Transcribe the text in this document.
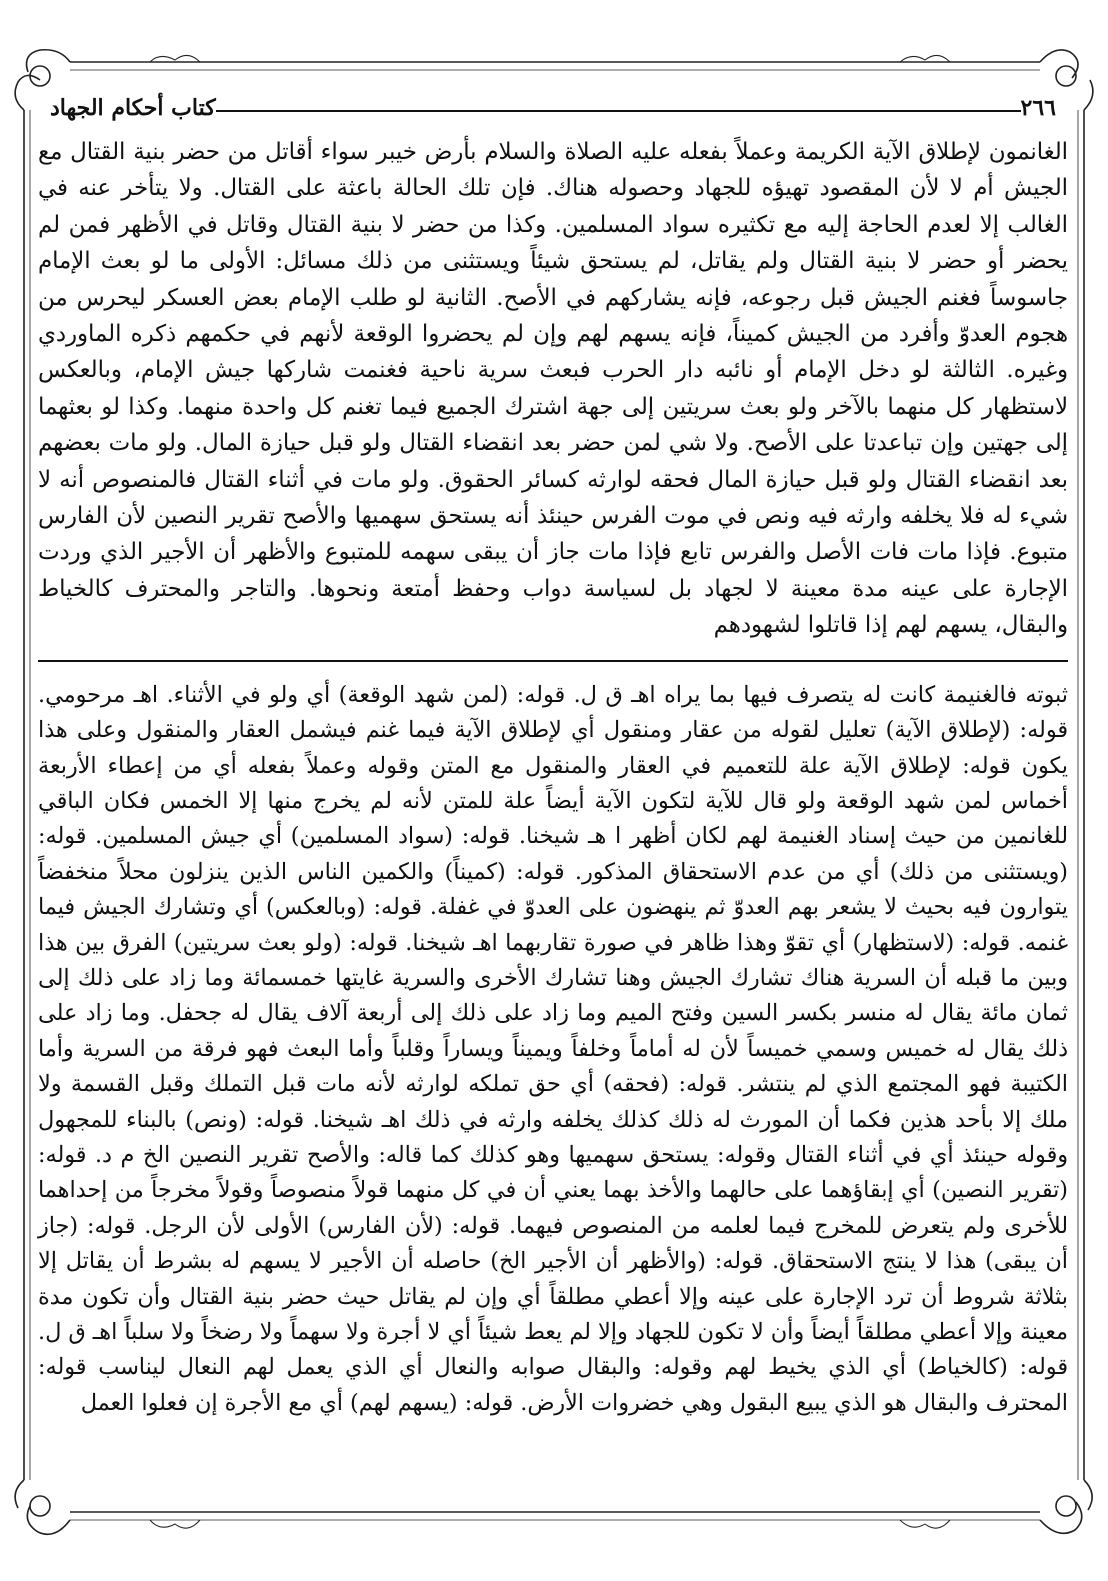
٢٦٦
كتاب أحكام الجهاد

الغانمون لإطلاق الآية الكريمة وعملاً بفعله عليه الصلاة والسلام بأرض خيبر سواء أقاتل من حضر بنية القتال مع الجيش أم لا لأن المقصود تهيؤه للجهاد وحصوله هناك. فإن تلك الحالة باعثة على القتال. ولا يتأخر عنه في الغالب إلا لعدم الحاجة إليه مع تكثيره سواد المسلمين. وكذا من حضر لا بنية القتال وقاتل في الأظهر فمن لم يحضر أو حضر لا بنية القتال ولم يقاتل، لم يستحق شيئاً ويستثنى من ذلك مسائل: الأولى ما لو بعث الإمام جاسوساً فغنم الجيش قبل رجوعه، فإنه يشاركهم في الأصح. الثانية لو طلب الإمام بعض العسكر ليحرس من هجوم العدوّ وأفرد من الجيش كميناً، فإنه يسهم لهم وإن لم يحضروا الوقعة لأنهم في حكمهم ذكره الماوردي وغيره. الثالثة لو دخل الإمام أو نائبه دار الحرب فبعث سرية ناحية فغنمت شاركها جيش الإمام، وبالعكس لاستظهار كل منهما بالآخر ولو بعث سريتين إلى جهة اشترك الجميع فيما تغنم كل واحدة منهما. وكذا لو بعثهما إلى جهتين وإن تباعدتا على الأصح. ولا شي لمن حضر بعد انقضاء القتال ولو قبل حيازة المال. ولو مات بعضهم بعد انقضاء القتال ولو قبل حيازة المال فحقه لوارثه كسائر الحقوق. ولو مات في أثناء القتال فالمنصوص أنه لا شيء له فلا يخلفه وارثه فيه ونص في موت الفرس حينئذ أنه يستحق سهميها والأصح تقرير النصين لأن الفارس متبوع. فإذا مات فات الأصل والفرس تابع فإذا مات جاز أن يبقى سهمه للمتبوع والأظهر أن الأجير الذي وردت الإجارة على عينه مدة معينة لا لجهاد بل لسياسة دواب وحفظ أمتعة ونحوها. والتاجر والمحترف كالخياط والبقال، يسهم لهم إذا قاتلوا لشهودهم

ثبوته فالغنيمة كانت له يتصرف فيها بما يراه اهـ ق ل. قوله: (لمن شهد الوقعة) أي ولو في الأثناء. اهـ مرحومي. قوله: (لإطلاق الآية) تعليل لقوله من عقار ومنقول أي لإطلاق الآية فيما غنم فيشمل العقار والمنقول وعلى هذا يكون قوله: لإطلاق الآية علة للتعميم في العقار والمنقول مع المتن وقوله وعملاً بفعله أي من إعطاء الأربعة أخماس لمن شهد الوقعة ولو قال للآية لتكون الآية أيضاً علة للمتن لأنه لم يخرج منها إلا الخمس فكان الباقي للغانمين من حيث إسناد الغنيمة لهم لكان أظهر ا هـ شيخنا. قوله: (سواد المسلمين) أي جيش المسلمين. قوله: (ويستثنى من ذلك) أي من عدم الاستحقاق المذكور. قوله: (كميناً) والكمين الناس الذين ينزلون محلاً منخفضاً يتوارون فيه بحيث لا يشعر بهم العدوّ ثم ينهضون على العدوّ في غفلة. قوله: (وبالعكس) أي وتشارك الجيش فيما غنمه. قوله: (لاستظهار) أي تقوّ وهذا ظاهر في صورة تقاربهما اهـ شيخنا. قوله: (ولو بعث سريتين) الفرق بين هذا وبين ما قبله أن السرية هناك تشارك الجيش وهنا تشارك الأخرى والسرية غايتها خمسمائة وما زاد على ذلك إلى ثمان مائة يقال له منسر بكسر السين وفتح الميم وما زاد على ذلك إلى أربعة آلاف يقال له جحفل. وما زاد على ذلك يقال له خميس وسمي خميساً لأن له أماماً وخلفاً ويميناً ويساراً وقلباً وأما البعث فهو فرقة من السرية وأما الكتيبة فهو المجتمع الذي لم ينتشر. قوله: (فحقه) أي حق تملكه لوارثه لأنه مات قبل التملك وقبل القسمة ولا ملك إلا بأحد هذين فكما أن المورث له ذلك كذلك يخلفه وارثه في ذلك اهـ شيخنا. قوله: (ونص) بالبناء للمجهول وقوله حينئذ أي في أثناء القتال وقوله: يستحق سهميها وهو كذلك كما قاله: والأصح تقرير النصين الخ م د. قوله: (تقرير النصين) أي إبقاؤهما على حالهما والأخذ بهما يعني أن في كل منهما قولاً منصوصاً وقولاً مخرجاً من إحداهما للأخرى ولم يتعرض للمخرج فيما لعلمه من المنصوص فيهما. قوله: (لأن الفارس) الأولى لأن الرجل. قوله: (جاز أن يبقى) هذا لا ينتج الاستحقاق. قوله: (والأظهر أن الأجير الخ) حاصله أن الأجير لا يسهم له بشرط أن يقاتل إلا بثلاثة شروط أن ترد الإجارة على عينه وإلا أعطي مطلقاً أي وإن لم يقاتل حيث حضر بنية القتال وأن تكون مدة معينة وإلا أعطي مطلقاً أيضاً وأن لا تكون للجهاد وإلا لم يعط شيئاً أي لا أجرة ولا سهماً ولا رضخاً ولا سلباً اهـ ق ل. قوله: (كالخياط) أي الذي يخيط لهم وقوله: والبقال صوابه والنعال أي الذي يعمل لهم النعال ليناسب قوله: المحترف والبقال هو الذي يبيع البقول وهي خضروات الأرض. قوله: (يسهم لهم) أي مع الأجرة إن فعلوا العمل
